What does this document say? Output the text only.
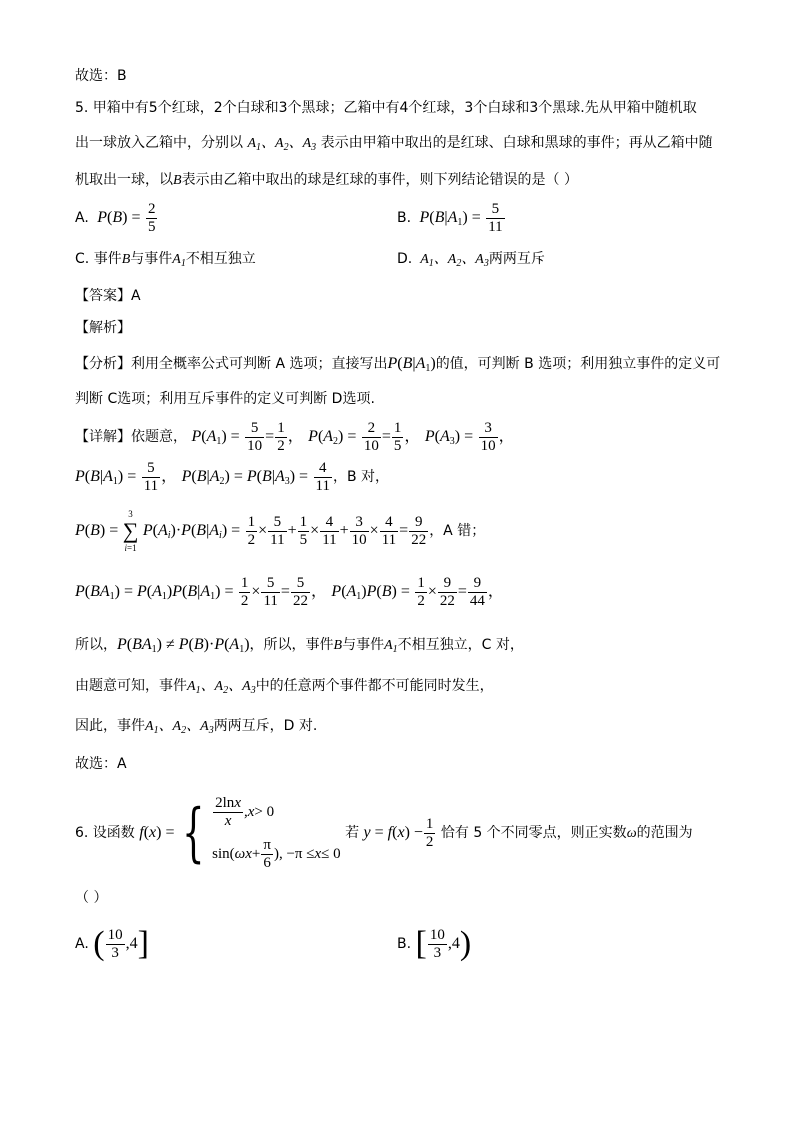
故选：B
5. 甲箱中有5个红球，2个白球和3个黑球；乙箱中有4个红球，3个白球和3个黑球.先从甲箱中随机取
出一球放入乙箱中，分别以 $A_1$、$A_2$、$A_3$ 表示由甲箱中取出的是红球、白球和黑球的事件；再从乙箱中随
机取出一球，以B表示由乙箱中取出的球是红球的事件，则下列结论错误的是（ ）
A. $P(B) = \frac{2}{5}$	B. $P(B|A_1) = \frac{5}{11}$
C. 事件B与事件$A_1$不相互独立	D.  $A_1$、$A_2$、$A_3$两两互斥
【答案】A
【解析】
【分析】利用全概率公式可判断 A 选项；直接写出$P(B|A_1)$的值，可判断 B 选项；利用独立事件的定义可
判断 C选项；利用互斥事件的定义可判断 D选项.
【详解】依题意， $P(A_1) = \frac{5}{10} = \frac{1}{2}$ ， $P(A_2) = \frac{2}{10} = \frac{1}{5}$ ， $P(A_3) = \frac{3}{10}$ ，
$P(B|A_1) = \frac{5}{11}$ ， $P(B|A_2) = P(B|A_3) = \frac{4}{11}$ ，B 对，
P(B) =
3
∑
i=1
$P(A_i)\cdot P(B|A_i) = \frac{1}{2} \times \frac{5}{11} + \frac{1}{5} \times \frac{4}{11} + \frac{3}{10} \times \frac{4}{11} = \frac{9}{22}$ ，A 错；
$P(BA_1) = P(A_1)P(B|A_1) = \frac{1}{2} \times \frac{5}{11} = \frac{5}{22}$ ， $P(A_1)P(B) = \frac{1}{2} \times \frac{9}{22} = \frac{9}{44}$ ，
所以，$P(BA_1) \ne P(B)\cdot P(A_1)$，所以，事件B与事件$A_1$不相互独立，C 对，
由题意可知，事件$A_1$、$A_2$、$A_3$中的任意两个事件都不可能同时发生，
因此，事件$A_1$、$A_2$、$A_3$两两互斥，D 对.
故选：A
6. 设函数 f(x) = { $\frac{2\ln x}{x}$ , x > 0
sin( ω $x + \frac{\pi}{6}$ ), −π ≤ x ≤ 0
若 $y = f(x) - \frac{1}{2}$ 恰有 5 个不同零点，则正实数ω的范围为
（ ）
A. ( $\frac{10}{3} ,4$]	B. [ $\frac{10}{3} ,4$)
